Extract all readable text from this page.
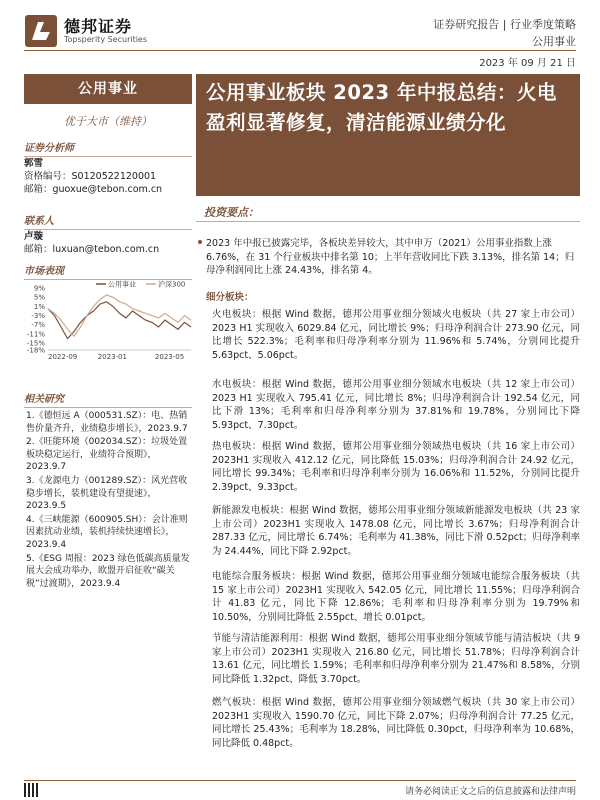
德邦证券
Topsperity Securities
证券研究报告 | 行业季度策略
公用事业
2023 年 09 月 21 日
公用事业
优于大市（维持）
证券分析师
郭雪
资格编号：S0120522120001
邮箱：guoxue@tebon.com.cn
联系人
卢璇
邮箱：luxuan@tebon.com.cn
市场表现
9%
5%
1%
-3%
-7%
-11%
-15%
-18%
2022-09	2023-01	2023-05
公用事业	沪深300
相关研究
1.《德恒远 A（000531.SZ）：电、热销售价量齐升，业绩稳步增长》，2023.9.7
2.《旺能环境（002034.SZ）：垃圾处置板块稳定运行，业绩符合预期》，2023.9.7
3.《龙源电力（001289.SZ）：风光营收稳步增长，装机建设有望提速》，2023.9.5
4.《三峡能源（600905.SH）：会计准则因素扰动业绩，装机持续快速增长》，2023.9.4
5.《ESG 周报：2023 绿色低碳高质量发展大会成功举办，欧盟开启征收“碳关税”过渡期》，2023.9.4
公用事业板块 2023 年中报总结：火电盈利显著修复，清洁能源业绩分化
投资要点：
2023 年中报已披露完毕，各板块差异较大，其中申万（2021）公用事业指数上涨 6.76%，在 31 个行业板块中排名第 10；上半年营收同比下跌 3.13%，排名第 14；归母净利润同比上涨 24.43%，排名第 4。
细分板块：
火电板块：根据 Wind 数据，德邦公用事业细分领域火电板块（共 27 家上市公司）2023 H1 实现收入 6029.84 亿元，同比增长 9%；归母净利润合计 273.90 亿元，同比增长 522.3%；毛利率和归母净利率分别为 11.96%和 5.74%，分别同比提升 5.63pct、5.06pct。
水电板块：根据 Wind 数据，德邦公用事业细分领域水电板块（共 12 家上市公司）2023 H1 实现收入 795.41 亿元，同比增长 8%；归母净利润合计 192.54 亿元，同比下滑 13%；毛利率和归母净利率分别为 37.81%和 19.78%，分别同比下降 5.93pct、7.30pct。
热电板块：根据 Wind 数据，德邦公用事业细分领域热电板块（共 16 家上市公司）2023H1 实现收入 412.12 亿元，同比降低 15.03%；归母净利润合计 24.92 亿元，同比增长 99.34%；毛利率和归母净利率分别为 16.06%和 11.52%，分别同比提升 2.39pct、9.33pct。
新能源发电板块：根据 Wind 数据，德邦公用事业细分领域新能源发电板块（共 23 家上市公司）2023H1 实现收入 1478.08 亿元，同比增长 3.67%；归母净利润合计 287.33 亿元，同比增长 6.74%；毛利率为 41.38%，同比下滑 0.52pct；归母净利率为 24.44%，同比下降 2.92pct。
电能综合服务板块：根据 Wind 数据，德邦公用事业细分领域电能综合服务板块（共 15 家上市公司）2023H1 实现收入 542.05 亿元，同比增长 11.55%；归母净利润合计 41.83 亿元，同比下降 12.86%；毛利率和归母净利率分别为 19.79%和 10.50%，分别同比降低 2.55pct、增长 0.01pct。
节能与清洁能源利用：根据 Wind 数据，德邦公用事业细分领域节能与清洁板块（共 9 家上市公司）2023H1 实现收入 216.80 亿元，同比增长 51.78%；归母净利润合计 13.61 亿元，同比增长 1.59%；毛利率和归母净利率分别为 21.47%和 8.58%，分别同比降低 1.32pct、降低 3.70pct。
燃气板块：根据 Wind 数据，德邦公用事业细分领域燃气板块（共 30 家上市公司）2023H1 实现收入 1590.70 亿元，同比下降 2.07%；归母净利润合计 77.25 亿元，同比增长 25.43%；毛利率为 18.28%，同比降低 0.30pct，归母净利率为 10.68%，同比降低 0.48pct。
请务必阅读正文之后的信息披露和法律声明
